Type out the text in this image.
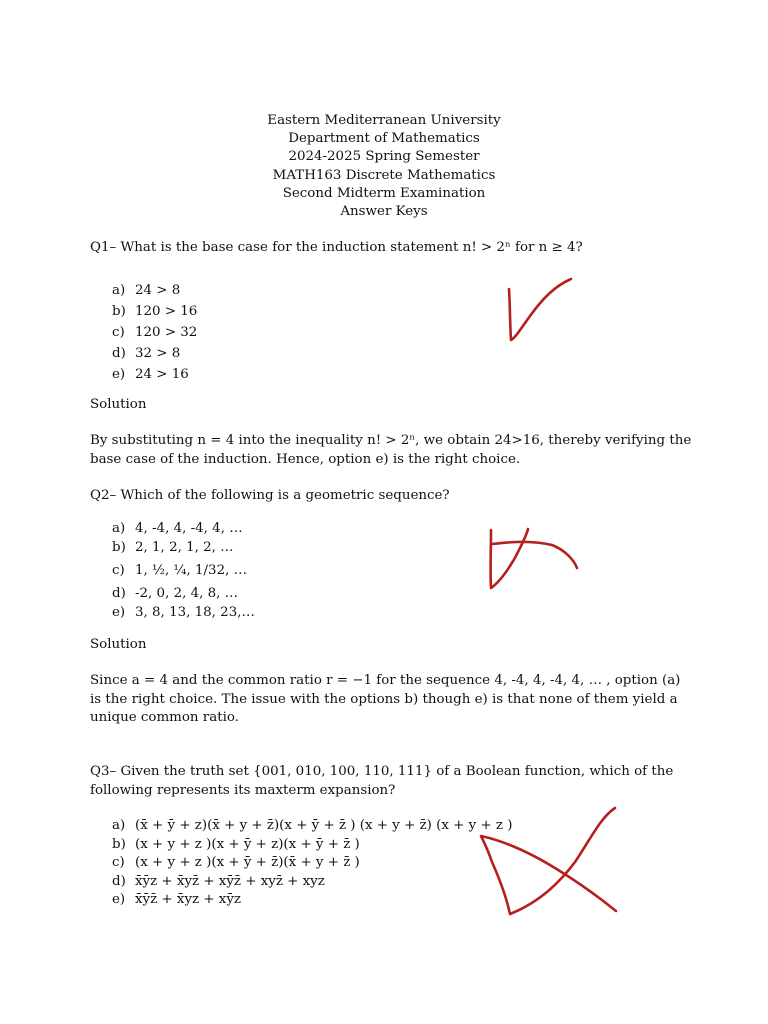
Eastern Mediterranean University
Department of Mathematics
2024-2025 Spring Semester
MATH163 Discrete Mathematics
Second Midterm Examination
Answer Keys
Q1– What is the base case for the induction statement n! > 2ⁿ for n ≥ 4?
a) 24 > 8
b) 120 > 16
c) 120 > 32
d) 32 > 8
e) 24 > 16
Solution
By substituting n = 4 into the inequality n! > 2ⁿ, we obtain 24>16, thereby verifying the
base case of the induction. Hence, option e) is the right choice.
Q2– Which of the following is a geometric sequence?
a) 4, -4, 4, -4, 4, …
b) 2, 1, 2, 1, 2, …
c) 1, ½, ¼, 1/32, …
d) -2, 0, 2, 4, 8, …
e) 3, 8, 13, 18, 23,…
Solution
Since a = 4 and the common ratio r = −1 for the sequence 4, -4, 4, -4, 4, … , option (a)
is the right choice. The issue with the options b) though e) is that none of them yield a
unique common ratio.
Q3– Given the truth set {001, 010, 100, 110, 111} of a Boolean function, which of the
following represents its maxterm expansion?
a) (x̄ + ȳ + z)(x̄ + y + z̄)(x + ȳ + z̄ ) (x + y + z̄) (x + y + z )
b) (x + y + z )(x + ȳ + z)(x + ȳ + z̄ )
c) (x + y + z )(x + ȳ + z̄)(x̄ + y + z̄ )
d) x̄ȳz + x̄yz̄ + xȳz̄ + xyz̄ + xyz
e) x̄ȳz̄ + x̄yz + xȳz
